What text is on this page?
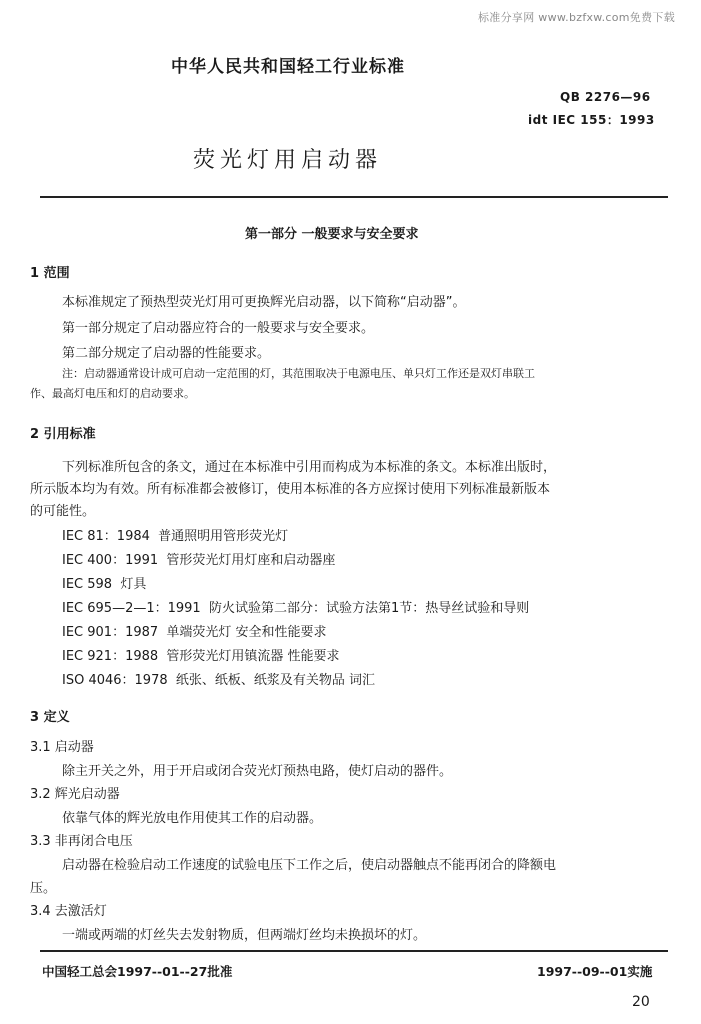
标准分享网 www.bzfxw.com免费下载
中华人民共和国轻工行业标准
QB 2276—96
idt IEC 155：1993
荧光灯用启动器
第一部分 一般要求与安全要求
1 范围
本标准规定了预热型荧光灯用可更换辉光启动器，以下简称“启动器”。
第一部分规定了启动器应符合的一般要求与安全要求。
第二部分规定了启动器的性能要求。
注：启动器通常设计成可启动一定范围的灯，其范围取决于电源电压、单只灯工作还是双灯串联工
作、最高灯电压和灯的启动要求。
2 引用标准
下列标准所包含的条文，通过在本标准中引用而构成为本标准的条文。本标准出版时，
所示版本均为有效。所有标准都会被修订，使用本标准的各方应探讨使用下列标准最新版本
的可能性。
IEC 81：1984 普通照明用管形荧光灯
IEC 400：1991 管形荧光灯用灯座和启动器座
IEC 598 灯具
IEC 695—2—1：1991 防火试验第二部分：试验方法第1节：热导丝试验和导则
IEC 901：1987 单端荧光灯 安全和性能要求
IEC 921：1988 管形荧光灯用镇流器 性能要求
ISO 4046：1978 纸张、纸板、纸浆及有关物品 词汇
3 定义
3.1 启动器
除主开关之外，用于开启或闭合荧光灯预热电路，使灯启动的器件。
3.2 辉光启动器
依靠气体的辉光放电作用使其工作的启动器。
3.3 非再闭合电压
启动器在检验启动工作速度的试验电压下工作之后，使启动器触点不能再闭合的降额电
压。
3.4 去激活灯
一端或两端的灯丝失去发射物质，但两端灯丝均未换损坏的灯。
中国轻工总会1997--01--27批准	1997--09--01实施
20
